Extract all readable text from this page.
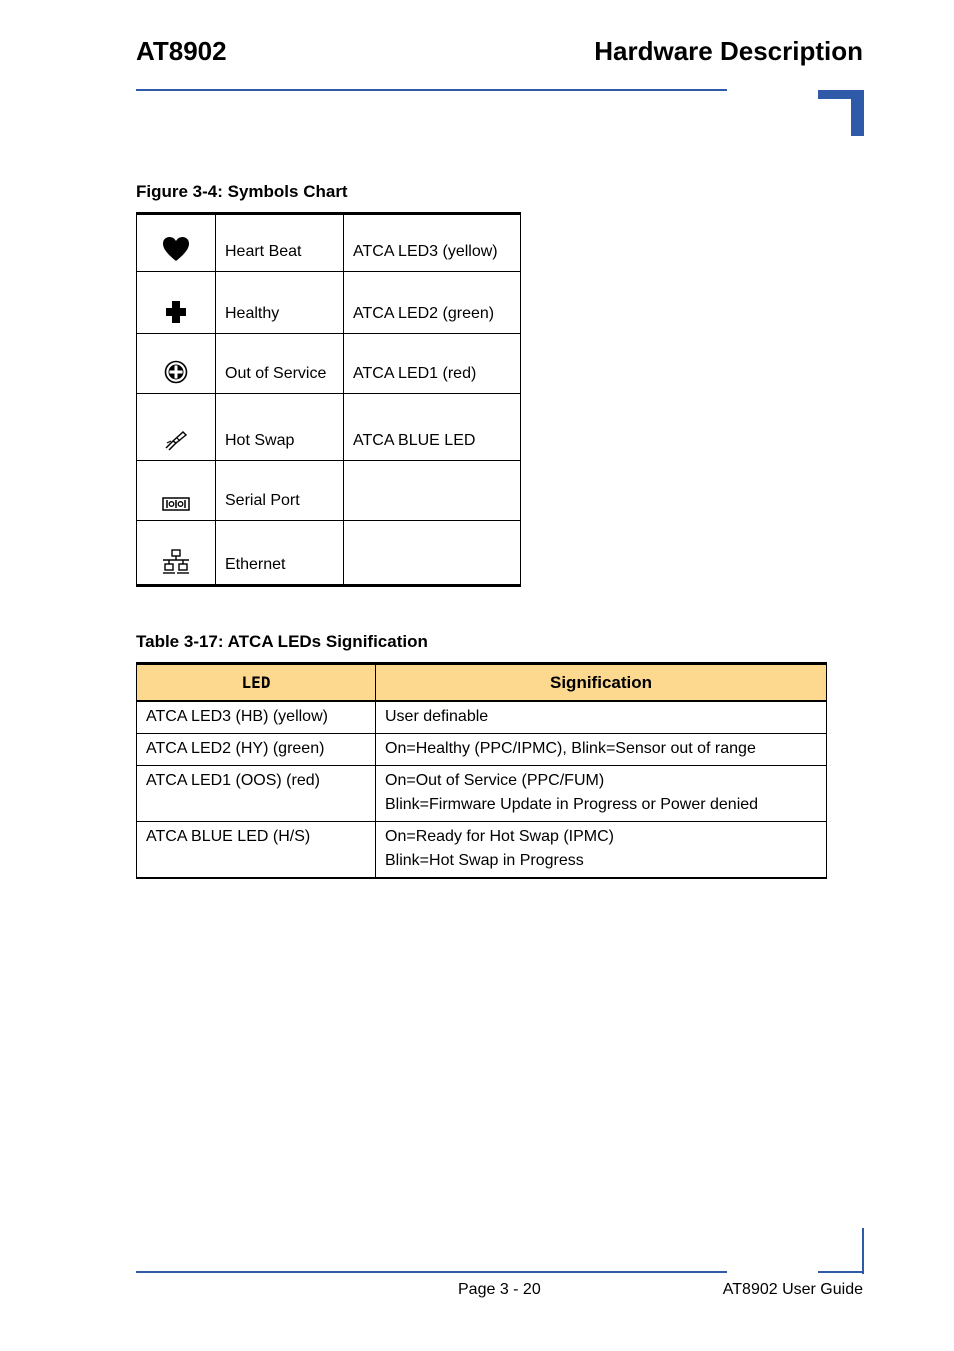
AT8902	Hardware Description
Figure 3-4: Symbols Chart
	Heart Beat	ATCA LED3 (yellow)
	Healthy	ATCA LED2 (green)
	Out of Service	ATCA LED1 (red)
	Hot Swap	ATCA BLUE LED
	Serial Port	
	Ethernet	
Table 3-17: ATCA LEDs Signification
LED	Signification
ATCA LED3 (HB) (yellow)	User definable

ATCA LED2 (HY) (green)	On=Healthy (PPC/IPMC), Blink=Sensor out of range

ATCA LED1 (OOS) (red)	On=Out of Service (PPC/FUM)
Blink=Firmware Update in Progress or Power denied

ATCA BLUE LED (H/S)	On=Ready for Hot Swap (IPMC)
Blink=Hot Swap in Progress
Page 3 - 20	AT8902 User Guide
